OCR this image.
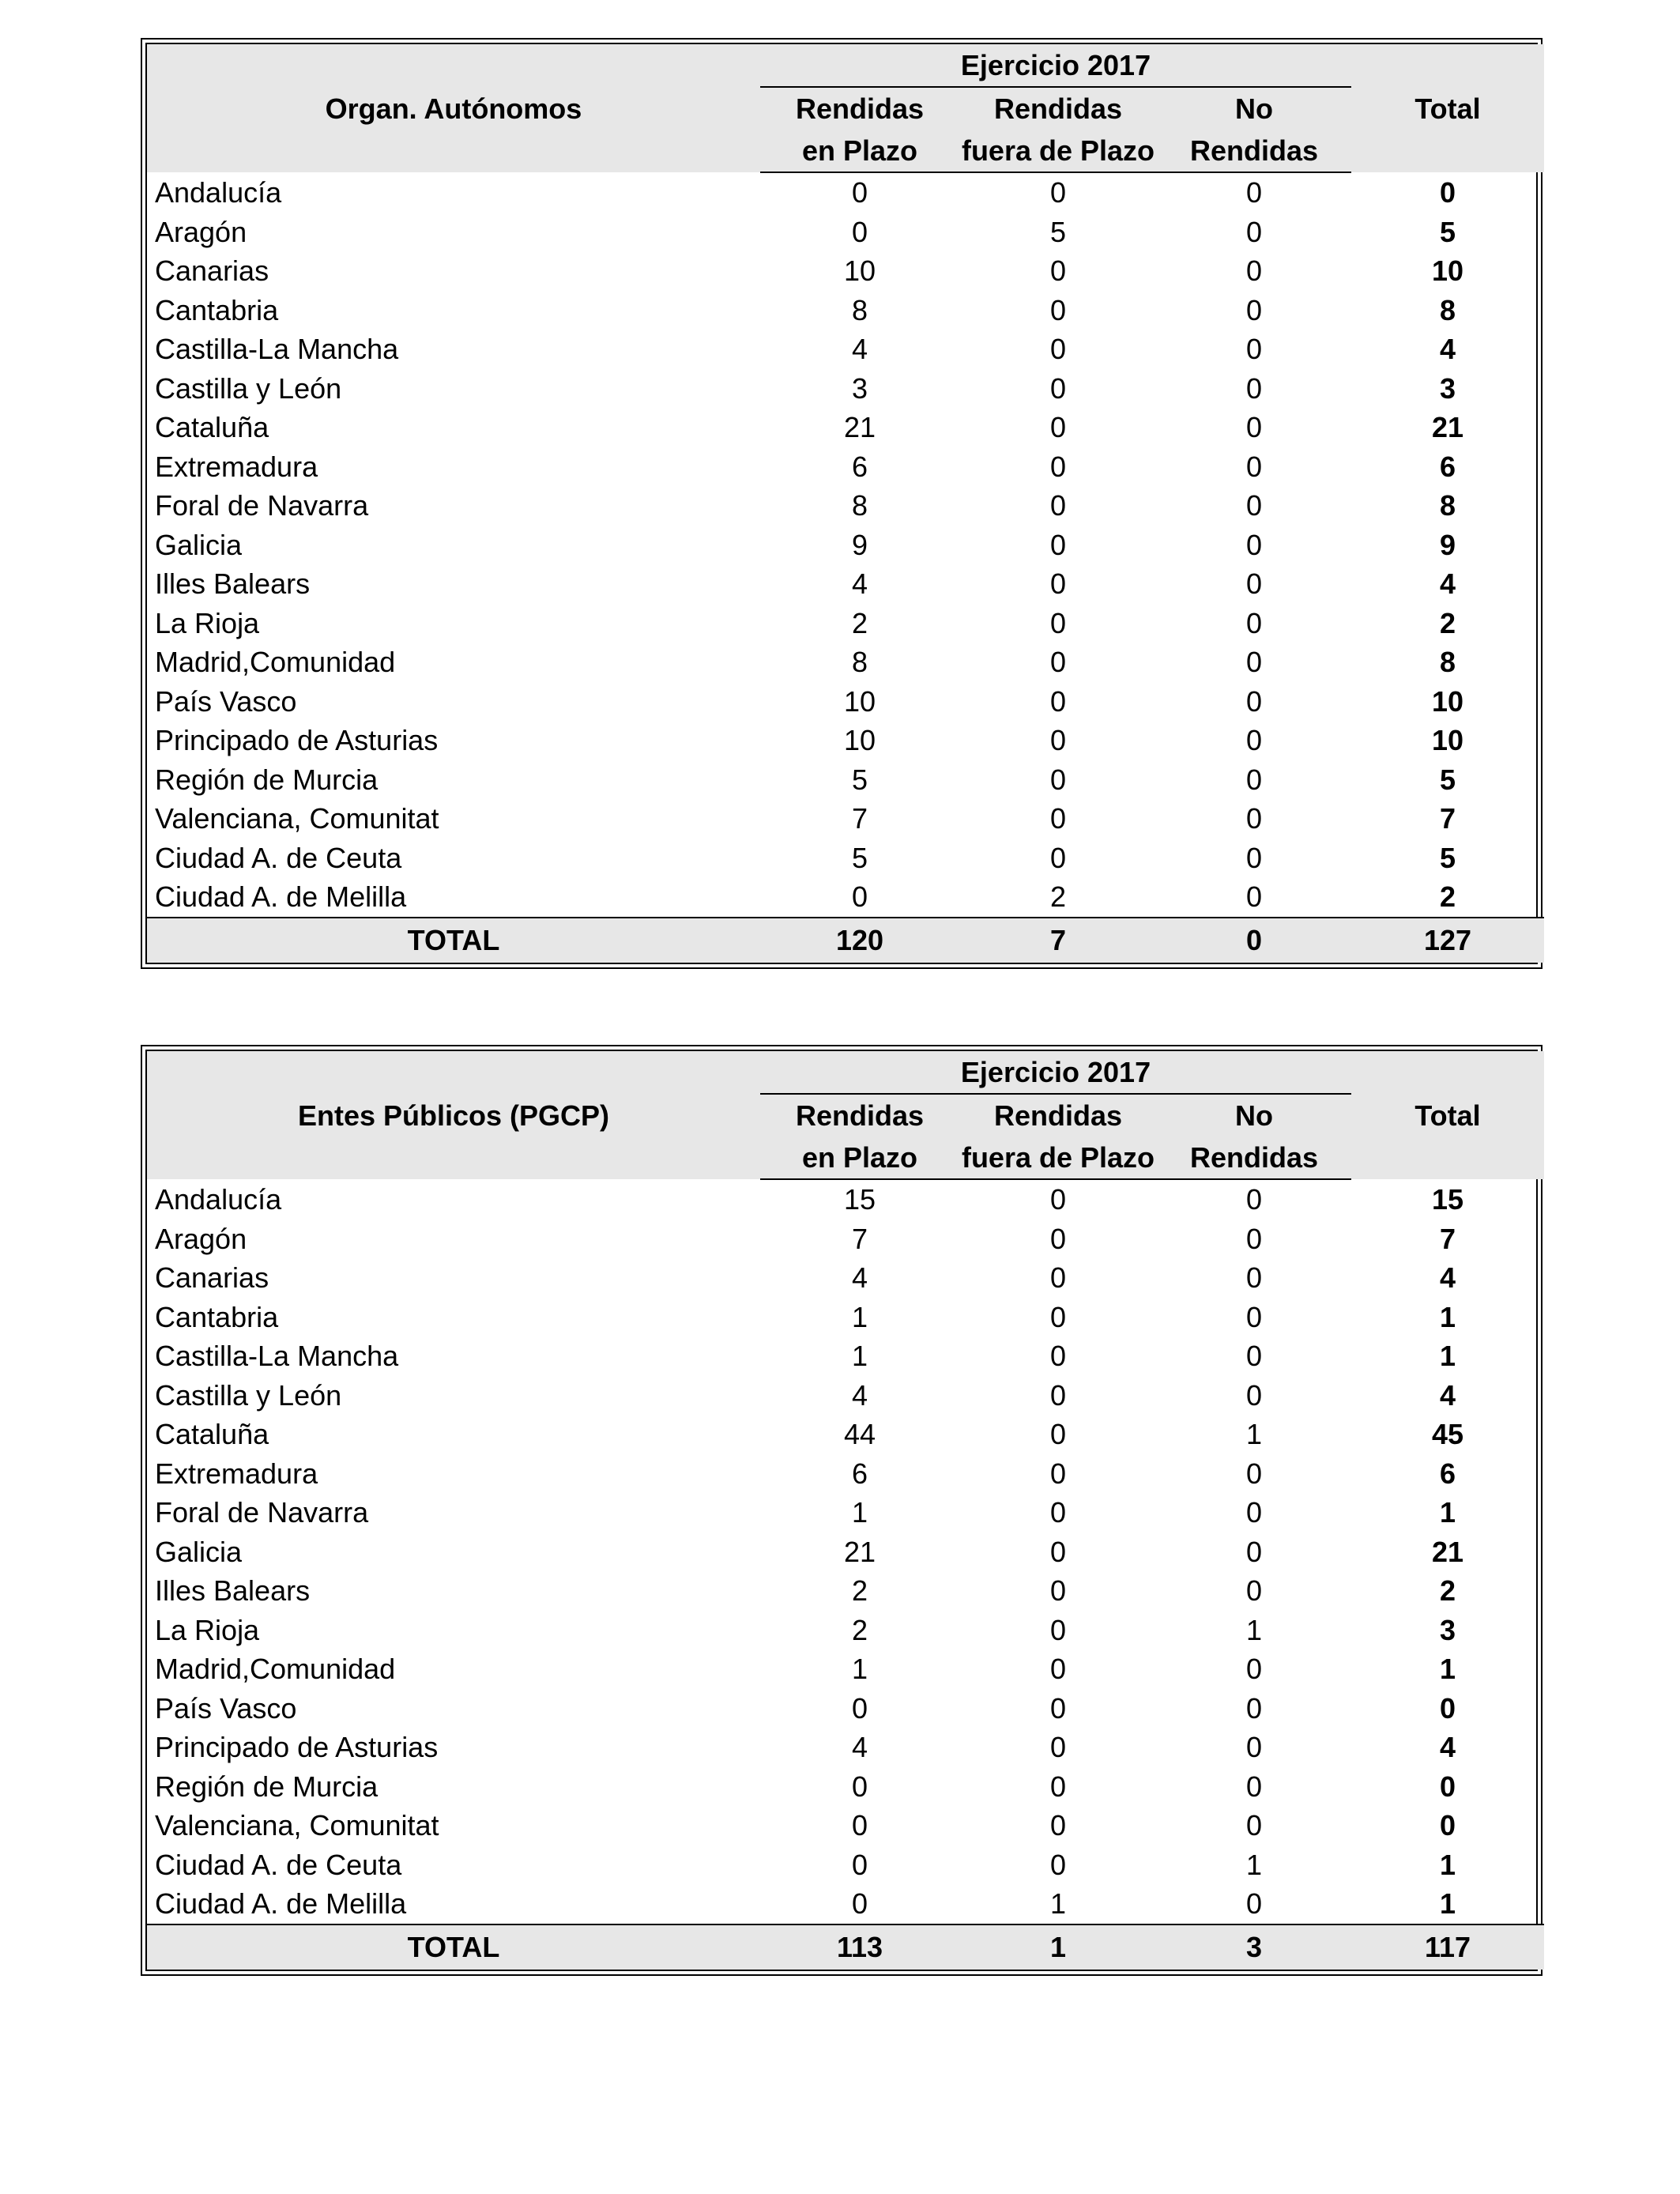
Organ. Autónomos	Ejercicio 2017			Total
	Rendidas	Rendidas	No	
	en Plazo	fuera de Plazo	Rendidas	
Andalucía	0	0	0	0
Aragón	0	5	0	5
Canarias	10	0	0	10
Cantabria	8	0	0	8
Castilla-La Mancha	4	0	0	4
Castilla y León	3	0	0	3
Cataluña	21	0	0	21
Extremadura	6	0	0	6
Foral de Navarra	8	0	0	8
Galicia	9	0	0	9
Illes Balears	4	0	0	4
La Rioja	2	0	0	2
Madrid,Comunidad	8	0	0	8
País Vasco	10	0	0	10
Principado de Asturias	10	0	0	10
Región de Murcia	5	0	0	5
Valenciana, Comunitat	7	0	0	7
Ciudad A. de Ceuta	5	0	0	5
Ciudad A. de Melilla	0	2	0	2
TOTAL	120	7	0	127
Entes Públicos (PGCP)	Ejercicio 2017			Total
	Rendidas	Rendidas	No	
	en Plazo	fuera de Plazo	Rendidas	
Andalucía	15	0	0	15
Aragón	7	0	0	7
Canarias	4	0	0	4
Cantabria	1	0	0	1
Castilla-La Mancha	1	0	0	1
Castilla y León	4	0	0	4
Cataluña	44	0	1	45
Extremadura	6	0	0	6
Foral de Navarra	1	0	0	1
Galicia	21	0	0	21
Illes Balears	2	0	0	2
La Rioja	2	0	1	3
Madrid,Comunidad	1	0	0	1
País Vasco	0	0	0	0
Principado de Asturias	4	0	0	4
Región de Murcia	0	0	0	0
Valenciana, Comunitat	0	0	0	0
Ciudad A. de Ceuta	0	0	1	1
Ciudad A. de Melilla	0	1	0	1
TOTAL	113	1	3	117
